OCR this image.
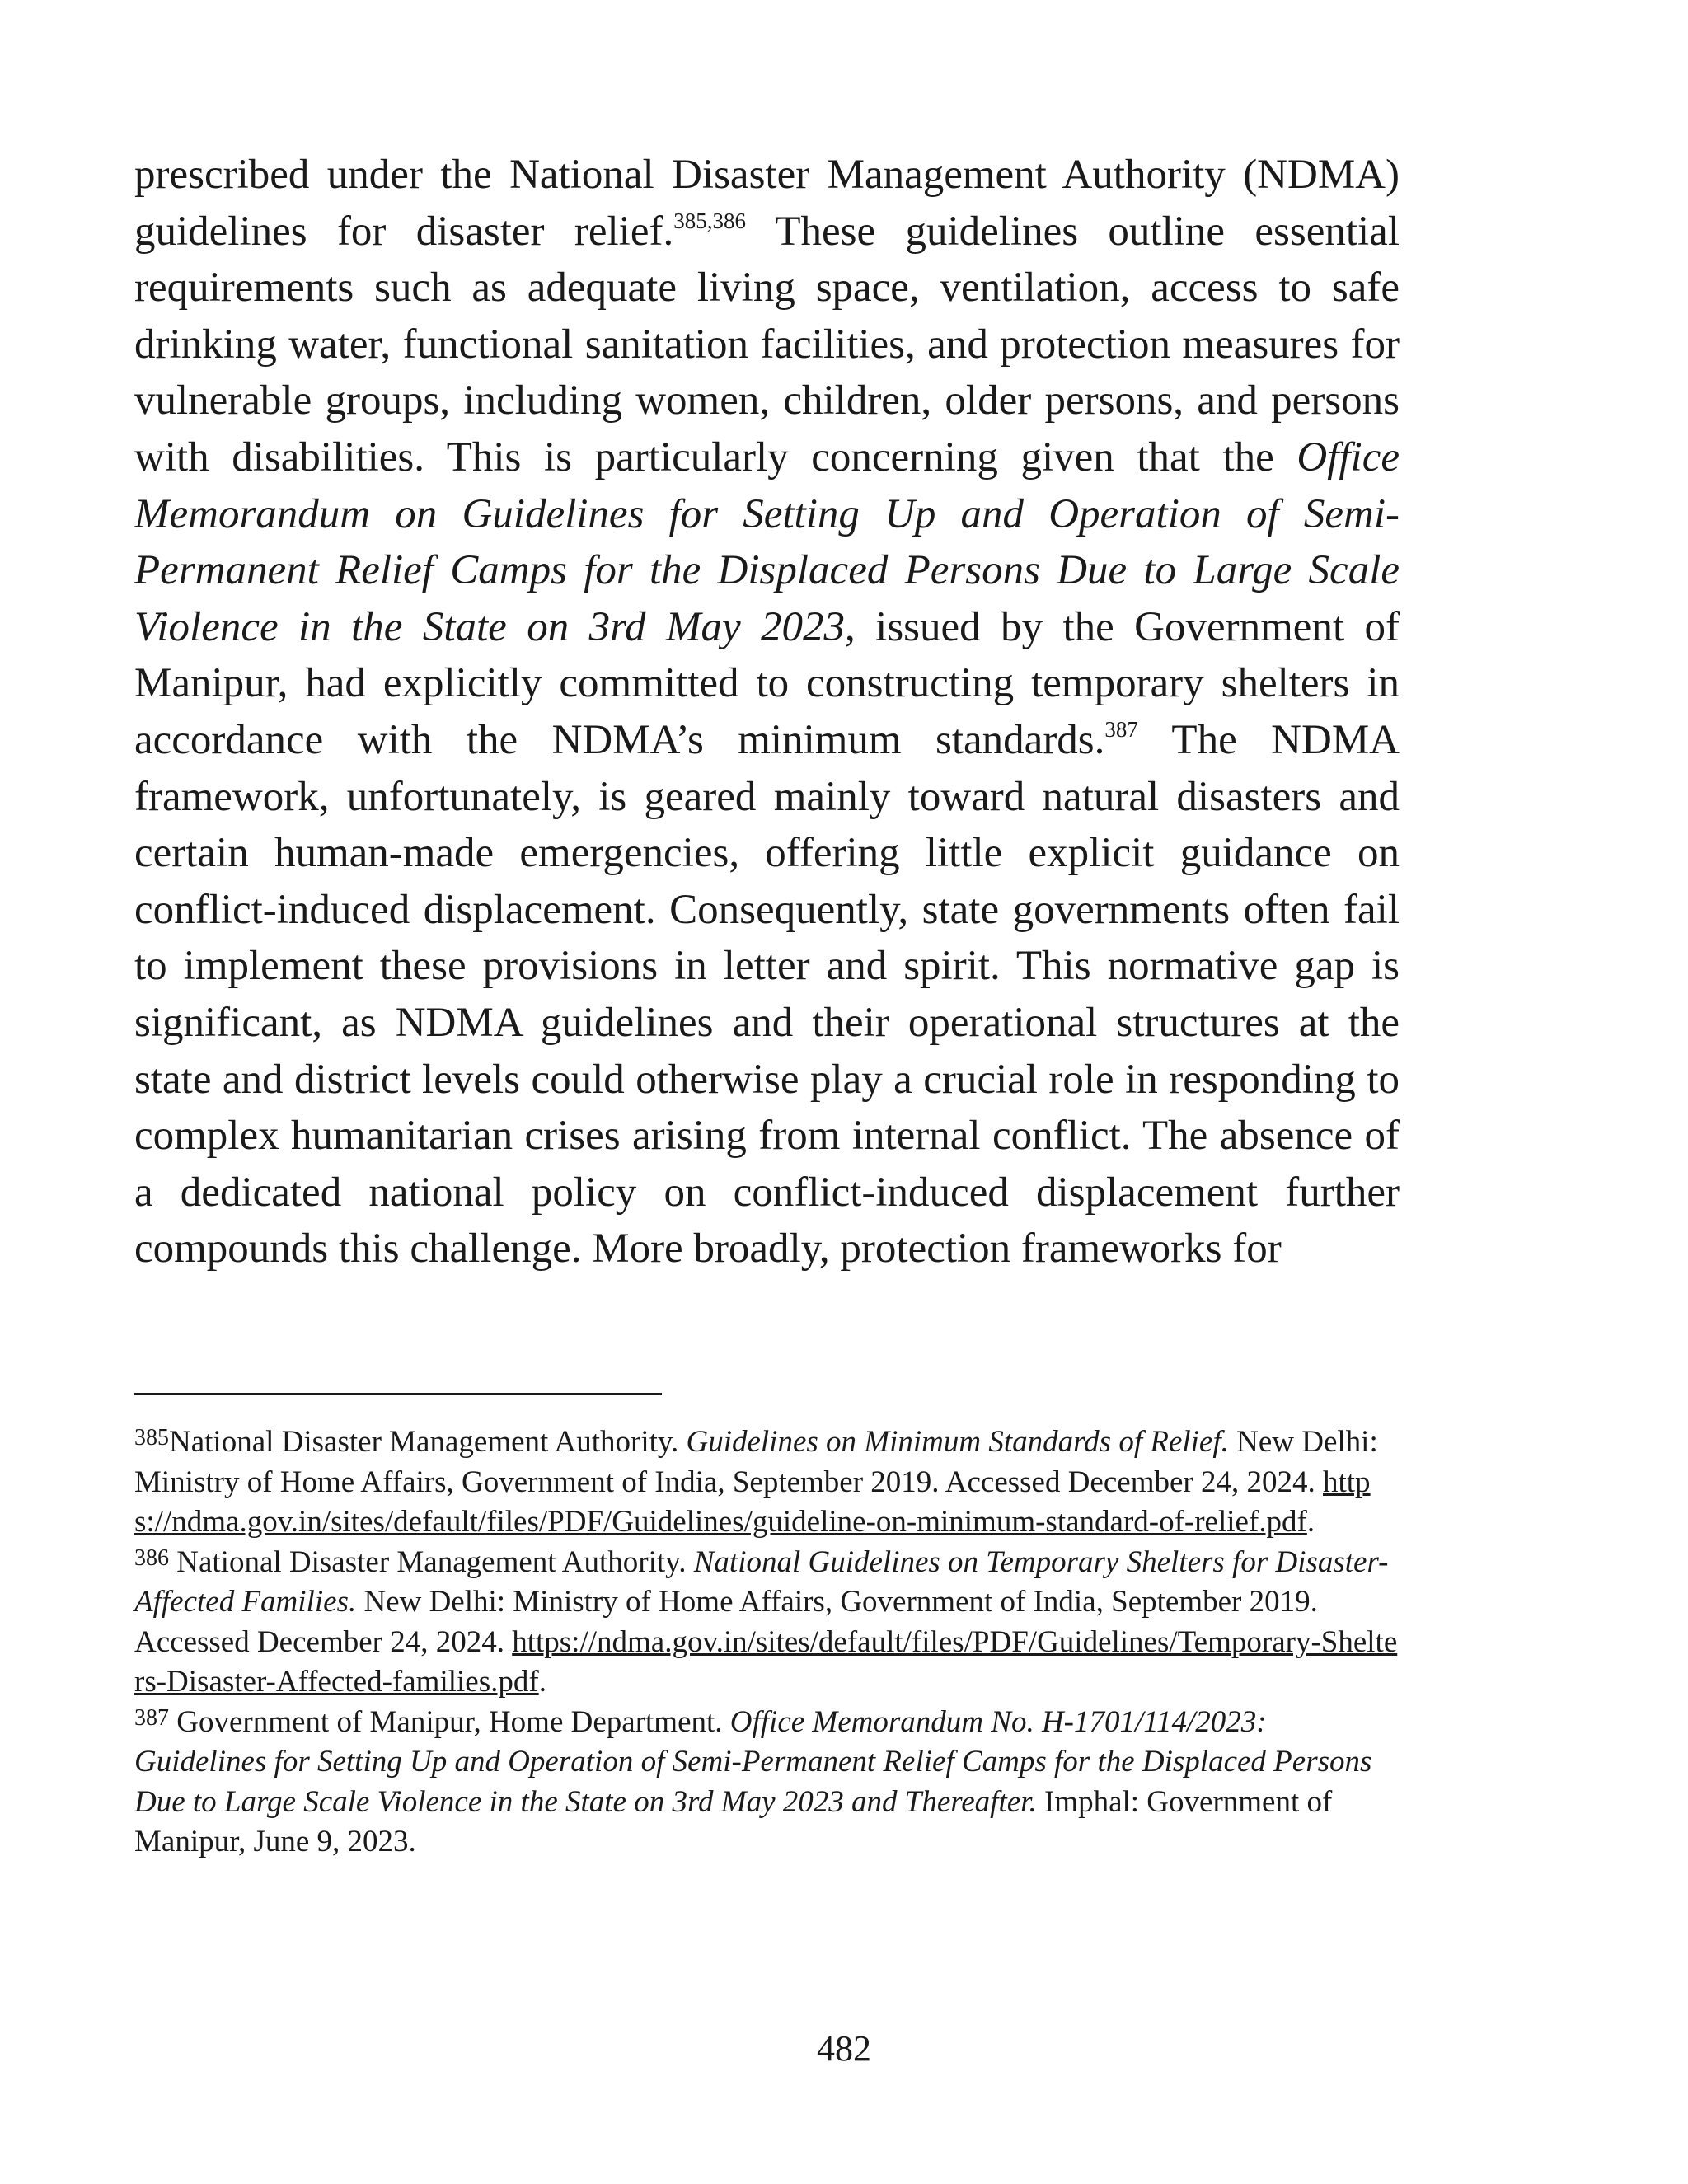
prescribed under the National Disaster Management Authority (NDMA) guidelines for disaster relief.$^{385,386}$ These guidelines outline essential requirements such as adequate living space, ventilation, access to safe drinking water, functional sanitation facilities, and protection measures for vulnerable groups, including women, children, older persons, and persons with disabilities. This is particularly concerning given that the Office Memorandum on Guidelines for Setting Up and Operation of Semi-Permanent Relief Camps for the Displaced Persons Due to Large Scale Violence in the State on 3rd May 2023, issued by the Government of Manipur, had explicitly committed to constructing temporary shelters in accordance with the NDMA’s minimum standards.$^{387}$ The NDMA framework, unfortunately, is geared mainly toward natural disasters and certain human-made emergencies, offering little explicit guidance on conflict-induced displacement. Consequently, state governments often fail to implement these provisions in letter and spirit. This normative gap is significant, as NDMA guidelines and their operational structures at the state and district levels could otherwise play a crucial role in responding to complex humanitarian crises arising from internal conflict. The absence of a dedicated national policy on conflict-induced displacement further compounds this challenge. More broadly, protection frameworks for

$^{385}$National Disaster Management Authority. Guidelines on Minimum Standards of Relief. New Delhi: Ministry of Home Affairs, Government of India, September 2019. Accessed December 24, 2024. https://ndma.gov.in/sites/default/files/PDF/Guidelines/guideline-on-minimum-standard-of-relief.pdf.

$^{386}$ National Disaster Management Authority. National Guidelines on Temporary Shelters for Disaster-Affected Families. New Delhi: Ministry of Home Affairs, Government of India, September 2019. Accessed December 24, 2024. https://ndma.gov.in/sites/default/files/PDF/Guidelines/Temporary-Shelters-Disaster-Affected-families.pdf.

$^{387}$ Government of Manipur, Home Department. Office Memorandum No. H-1701/114/2023: Guidelines for Setting Up and Operation of Semi-Permanent Relief Camps for the Displaced Persons Due to Large Scale Violence in the State on 3rd May 2023 and Thereafter. Imphal: Government of Manipur, June 9, 2023.

482
